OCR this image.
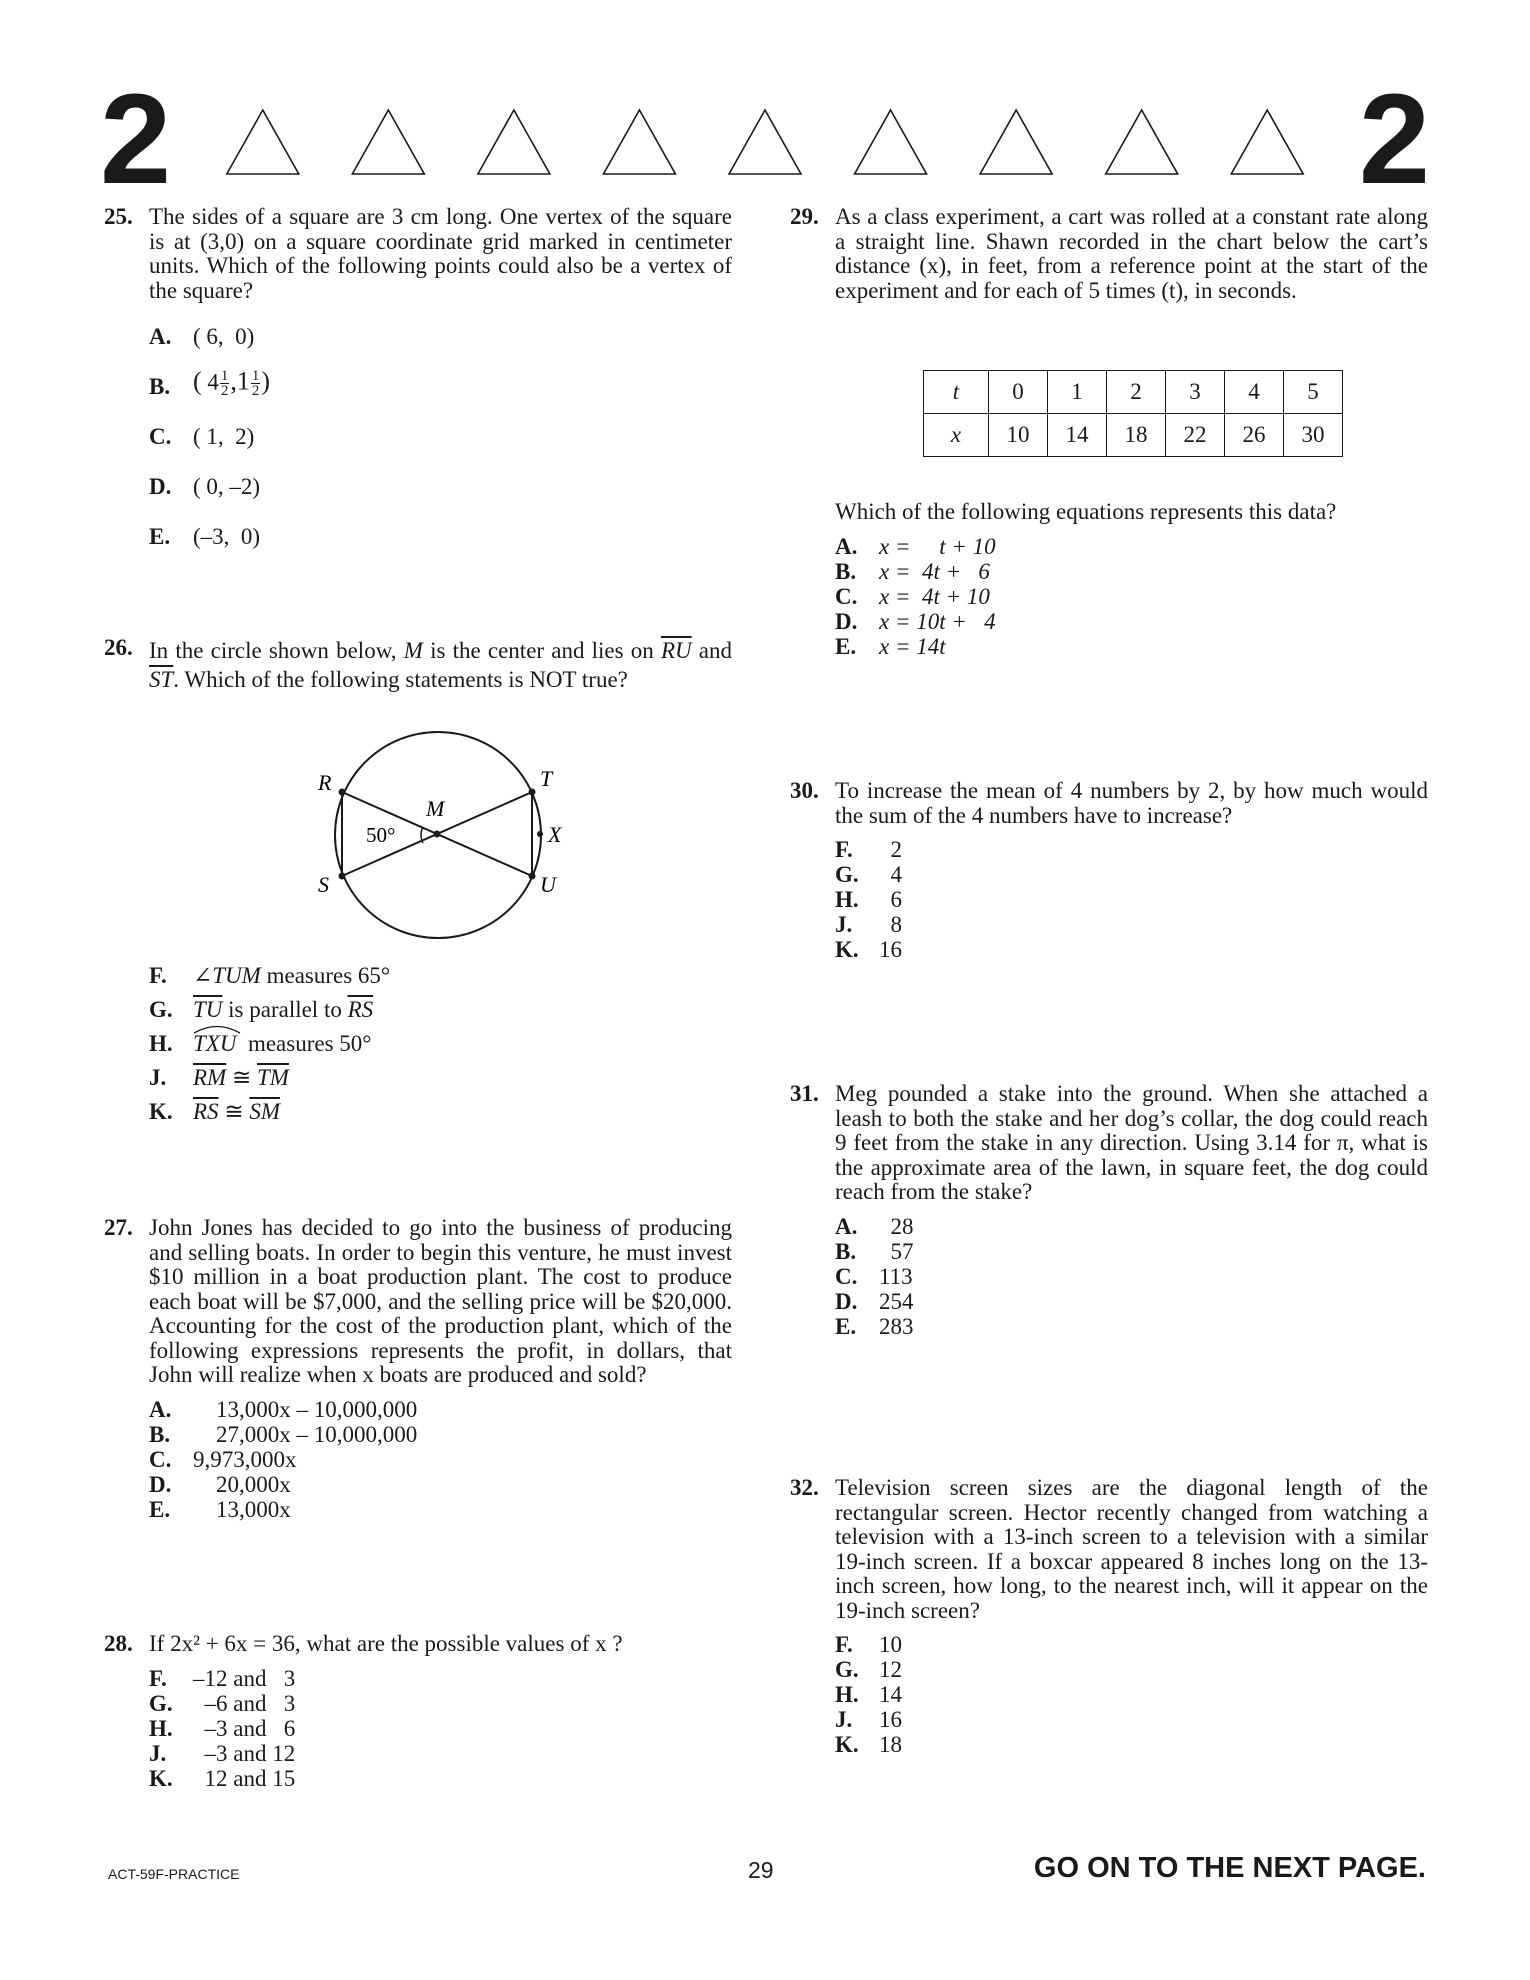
2	2
25. The sides of a square are 3 cm long. One vertex of the square is at (3,0) on a square coordinate grid marked in centimeter units. Which of the following points could also be a vertex of the square?
A. ( 6,  0)
B. ( $4 \frac{1}{2} ,1 \frac{1}{2}$ )
C. ( 1,  2)
D. ( 0, –2)
E. (–3,  0)
26. In the circle shown below, M is the center and lies on $\overline{RU}$ and $\overline{ST}$. Which of the following statements is NOT true?
R	T
M
X
S	U
50°
F. ∠TUM measures 65°
G. $\overline{TU}$ is parallel to $\overline{RS}$
H. TXU
measures 50°
J. $\overline{RM}$ ≅ $\overline{TM}$
K. $\overline{RS}$ ≅ $\overline{SM}$
27. John Jones has decided to go into the business of producing and selling boats. In order to begin this venture, he must invest $10 million in a boat production plant. The cost to produce each boat will be $7,000, and the selling price will be $20,000. Accounting for the cost of the production plant, which of the following expressions represents the profit, in dollars, that John will realize when x boats are produced and sold?
A. 13,000x – 10,000,000
B. 27,000x – 10,000,000
C. 9,973,000x
D. 20,000x
E. 13,000x
28. If 2x² + 6x = 36, what are the possible values of x ?
F. –12 and   3
G. –6 and   3
H. –3 and   6
J. –3 and 12
K. 12 and 15
29. As a class experiment, a cart was rolled at a constant rate along a straight line. Shawn recorded in the chart below the cart’s distance (x), in feet, from a reference point at the start of the experiment and for each of 5 times (t), in seconds.
t	0	1	2	3	4	5
x	10	14	18	22	26	30
Which of the following equations represents this data?
A. x =     t + 10
B. x =  4t +   6
C. x =  4t + 10
D. x = 10t +   4
E. x = 14t
30. To increase the mean of 4 numbers by 2, by how much would the sum of the 4 numbers have to increase?
F. 2
G. 4
H. 6
J. 8
K. 16
31. Meg pounded a stake into the ground. When she attached a leash to both the stake and her dog’s collar, the dog could reach 9 feet from the stake in any direction. Using 3.14 for π, what is the approximate area of the lawn, in square feet, the dog could reach from the stake?
A. 28
B. 57
C. 113
D. 254
E. 283
32. Television screen sizes are the diagonal length of the rectangular screen. Hector recently changed from watching a television with a 13-inch screen to a television with a similar 19-inch screen. If a boxcar appeared 8 inches long on the 13-inch screen, how long, to the nearest inch, will it appear on the 19-inch screen?
F. 10
G. 12
H. 14
J. 16
K. 18
ACT-59F-PRACTICE	29	GO ON TO THE NEXT PAGE.
